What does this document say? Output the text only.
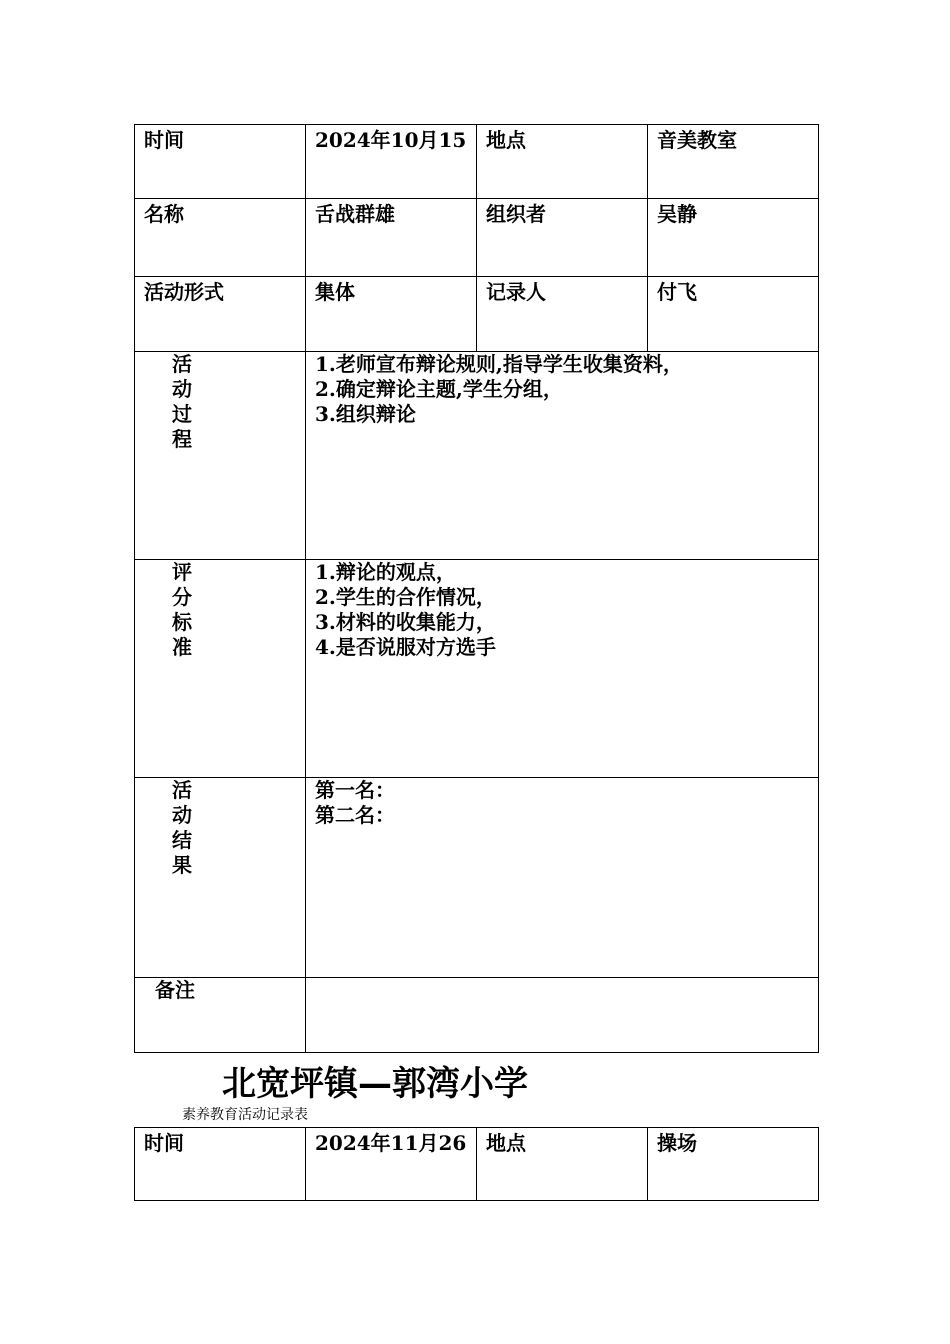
时间	2024年10月15	地点	音美教室
名称	舌战群雄	组织者	吴静
活动形式	集体	记录人	付飞

活动过程	1.老师宣布辩论规则,指导学生收集资料，
2.确定辩论主题,学生分组，
3.组织辩论		

评分标准	1.辩论的观点，
2.学生的合作情况，
3.材料的收集能力，
4.是否说服对方选手		

活动结果	第一名：
第二名：		

备注			
北宽坪镇—郭湾小学
素养教育活动记录表
时间	2024年11月26	地点	操场
